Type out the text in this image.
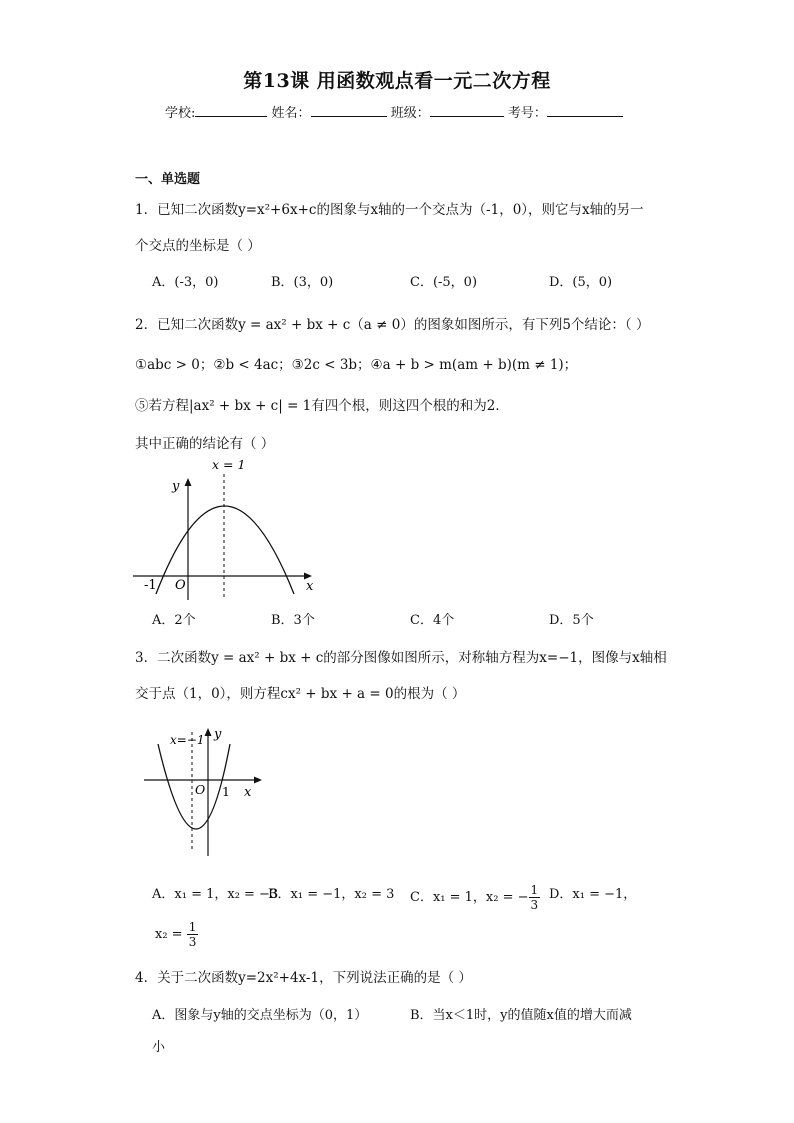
第13课 用函数观点看一元二次方程
学校:	姓名：	班级：	考号：
一、单选题
1．已知二次函数y=x²+6x+c的图象与x轴的一个交点为（-1，0），则它与x轴的另一
个交点的坐标是（ ）
A．(-3，0)	B．(3，0)	C．(-5，0)	D．(5，0)
2．已知二次函数y = ax² + bx + c（a ≠ 0）的图象如图所示，有下列5个结论：（ ）
①abc > 0；②b < 4ac；③2c < 3b；④a + b > m(am + b)(m ≠ 1)；
⑤若方程|ax² + bx + c| = 1有四个根，则这四个根的和为2．
其中正确的结论有（ ）
x = 1
y
x
O
-1
A．2个	B．3个	C．4个	D．5个
3．二次函数y = ax² + bx + c的部分图像如图所示，对称轴方程为x=−1，图像与x轴相
交于点（1，0），则方程cx² + bx + a = 0的根为（ ）
x=−1 y
x
O 1
A．x₁ = 1，x₂ = −3
B．x₁ = −1，x₂ = 3 C．x₁ = 1，x₂ = − $\frac{1}{3}$ D．x₁ = −1，
$x_2 = \frac{1}{3}$
4．关于二次函数y=2x²+4x-1，下列说法正确的是（ ）
A．图象与y轴的交点坐标为（0，1）	B．当x＜1时，y的值随x值的增大而减
小
